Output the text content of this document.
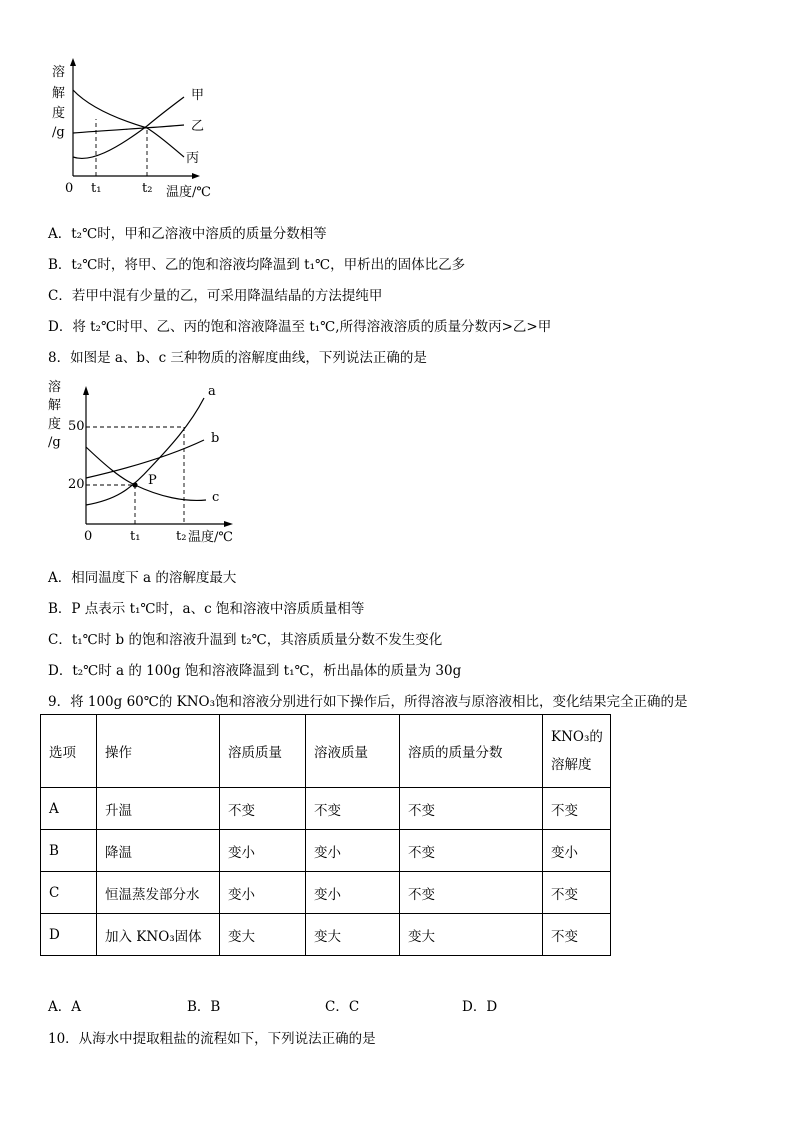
溶
解
度
/g
甲
乙
丙
0 t₁	t₂ 温度/℃
A．t₂℃时，甲和乙溶液中溶质的质量分数相等
B．t₂℃时，将甲、乙的饱和溶液均降温到 t₁℃，甲析出的固体比乙多
C．若甲中混有少量的乙，可采用降温结晶的方法提纯甲
D．将 t₂℃时甲、乙、丙的饱和溶液降温至 t₁℃,所得溶液溶质的质量分数丙>乙>甲
8．如图是 a、b、c 三种物质的溶解度曲线，下列说法正确的是
溶
解
度
/g
50
20
a
b
c
P
0	t₁	t₂ 温度/℃
A．相同温度下 a 的溶解度最大
B．P 点表示 t₁℃时，a、c 饱和溶液中溶质质量相等
C．t₁℃时 b 的饱和溶液升温到 t₂℃，其溶质质量分数不发生变化
D．t₂℃时 a 的 100g 饱和溶液降温到 t₁℃，析出晶体的质量为 30g
9．将 100g 60℃的 KNO₃饱和溶液分别进行如下操作后，所得溶液与原溶液相比，变化结果完全正确的是
选项	操作	溶质质量	溶液质量	溶质的质量分数	KNO₃的
溶解度
A	升温	不变	不变	不变	不变
B	降温	变小	变小	不变	变小
C	恒温蒸发部分水	变小	变小	不变	不变
D	加入 KNO₃固体	变大	变大	变大	不变
A．A	B．B	C．C	D．D
10．从海水中提取粗盐的流程如下，下列说法正确的是
